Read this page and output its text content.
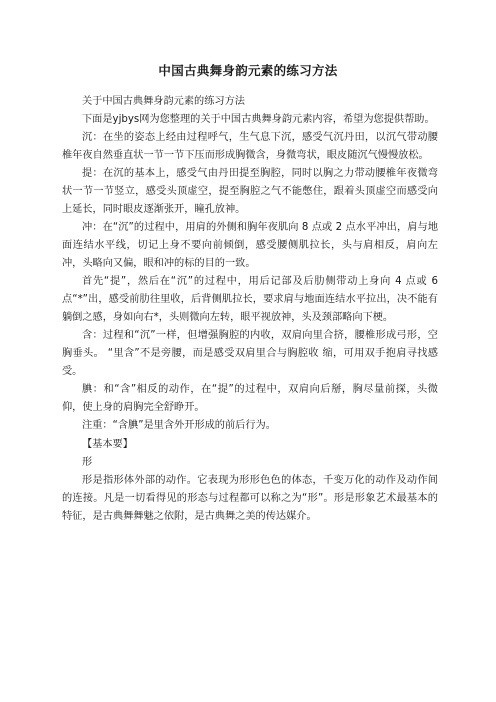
中国古典舞身韵元素的练习方法

关于中国古典舞身韵元素的练习方法

下面是yjbys网为您整理的关于中国古典舞身韵元素内容，希望为您提供帮助。

沉：在坐的姿态上经由过程呼气，生气息下沉，感受气沉丹田，以沉气带动腰椎年夜自然垂直状一节一节下压而形成胸微含，身微弯状，眼皮随沉气慢慢放松。

提：在沉的基本上，感受气由丹田提至胸腔，同时以胸之力带动腰椎年夜微弯状一节一节竖立，感受头顶虚空，提至胸腔之气不能憋住，跟着头顶虚空而感受向上延长，同时眼皮逐渐张开，瞳孔放神。

冲：在“沉”的过程中，用肩的外侧和胸年夜肌向 8 点或 2 点水平冲出，肩与地面连结水平线，切记上身不要向前倾倒，感受腰侧肌拉长，头与肩相反，肩向左冲，头略向又偏，眼和冲的标的目的一致。

首先“提”，然后在“沉”的过程中，用后记部及后肋侧带动上身向 4 点或 6 点“*”出，感受前肋往里收，后背侧肌拉长，要求肩与地面连结水平拉出，决不能有躺倒之感，身如向右*，头则微向左转，眼平视放神，头及颈部略向下梗。

含：过程和“沉”一样，但增强胸腔的内收，双肩向里合挤，腰椎形成弓形，空胸垂头。 “里含”不是旁腰，而是感受双肩里合与胸腔收 缩，可用双手抱肩寻找感受。

腆：和“含”相反的动作，在“提”的过程中，双肩向后掰，胸尽量前探，头微仰，使上身的肩胸完全舒睁开。

注重：“含腆”是里含外开形成的前后行为。

【基本要】

形

形是指形体外部的动作。它表现为形形色色的体态，千变万化的动作及动作间的连接。凡是一切看得见的形态与过程都可以称之为“形”。形是形象艺术最基本的特征，是古典舞舞魅之依附，是古典舞之美的传达媒介。
